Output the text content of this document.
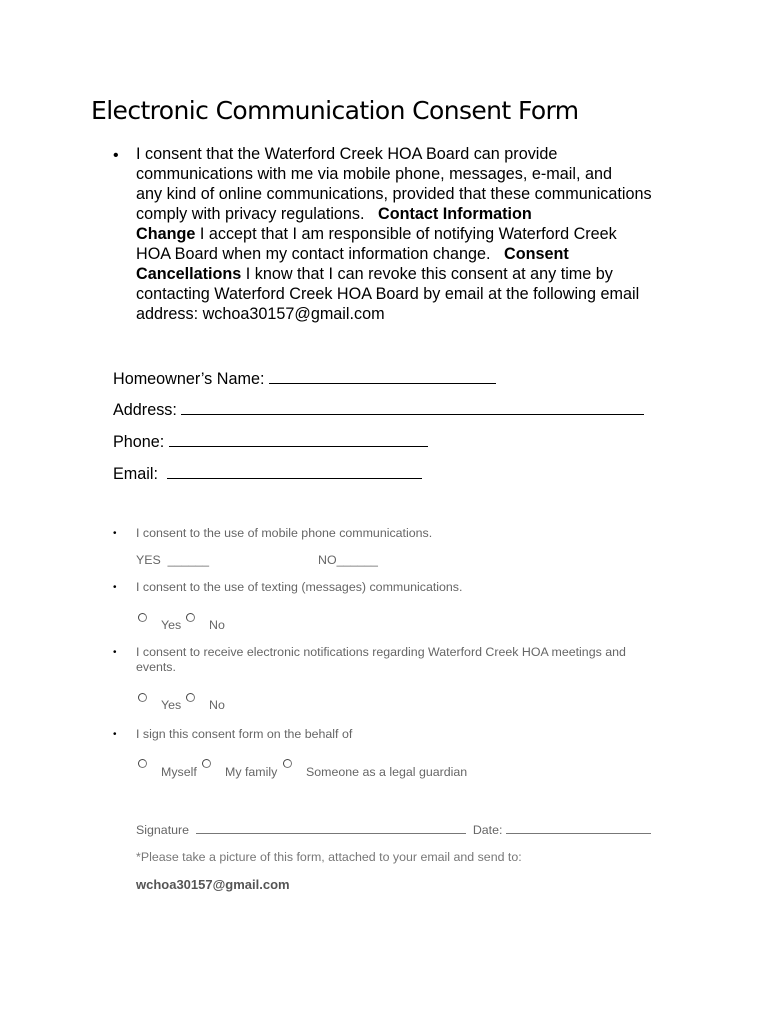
Electronic Communication Consent Form
• I consent that the Waterford Creek HOA Board can provide
communications with me via mobile phone, messages, e-mail, and
any kind of online communications, provided that these communications
comply with privacy regulations.   Contact Information
Change I accept that I am responsible of notifying Waterford Creek
HOA Board when my contact information change.   Consent
Cancellations I know that I can revoke this consent at any time by
contacting Waterford Creek HOA Board by email at the following email
address: wchoa30157@gmail.com
Homeowner’s Name:
Address:
Phone:
Email:
• I consent to the use of mobile phone communications.
YES  ______	NO______
• I consent to the use of texting (messages) communications.
Yes No
• I consent to receive electronic notifications regarding Waterford Creek HOA meetings and
events.
Yes No
• I sign this consent form on the behalf of
Myself My family Someone as a legal guardian
Signature	Date:
*Please take a picture of this form, attached to your email and send to:
wchoa30157@gmail.com
